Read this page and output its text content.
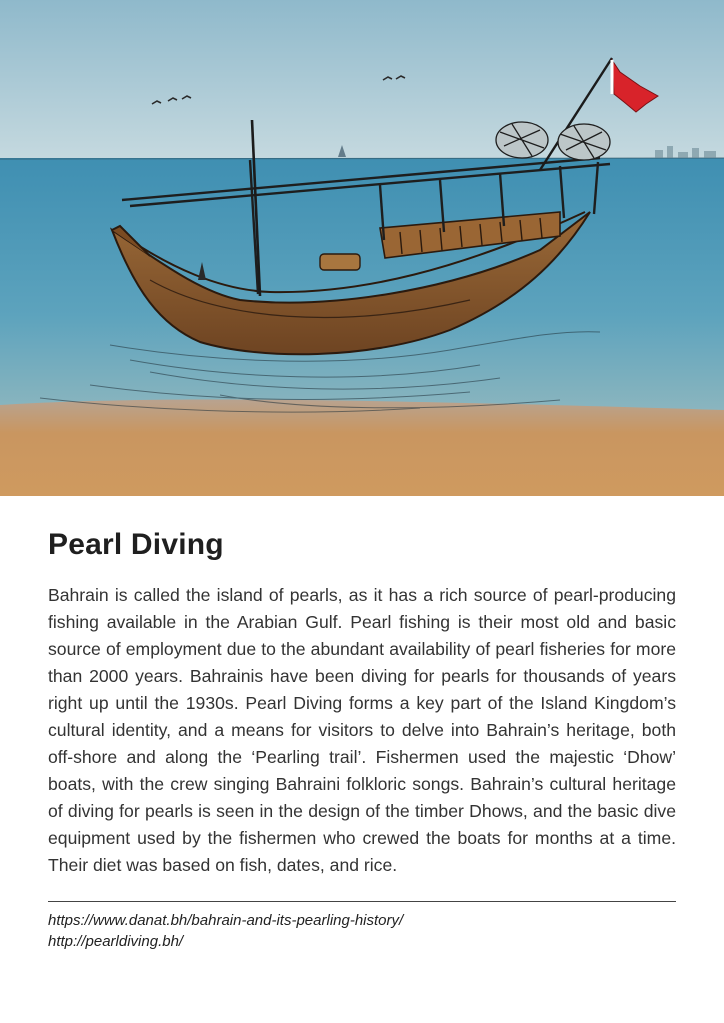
Pearl Diving

Bahrain is called the island of pearls, as it has a rich source of pearl-producing fishing available in the Arabian Gulf. Pearl fishing is their most old and basic source of employment due to the abundant availability of pearl fisheries for more than 2000 years. Bahrainis have been diving for pearls for thousands of years right up until the 1930s. Pearl Diving forms a key part of the Island Kingdom’s cultural identity, and a means for visitors to delve into Bahrain’s heritage, both off-shore and along the ‘Pearling trail’. Fishermen used the majestic ‘Dhow’ boats, with the crew singing Bahraini folkloric songs. Bahrain’s cultural heritage of diving for pearls is seen in the design of the timber Dhows, and the basic dive equipment used by the fishermen who crewed the boats for months at a time. Their diet was based on fish, dates, and rice.

https://www.danat.bh/bahrain-and-its-pearling-history/
http://pearldiving.bh/
